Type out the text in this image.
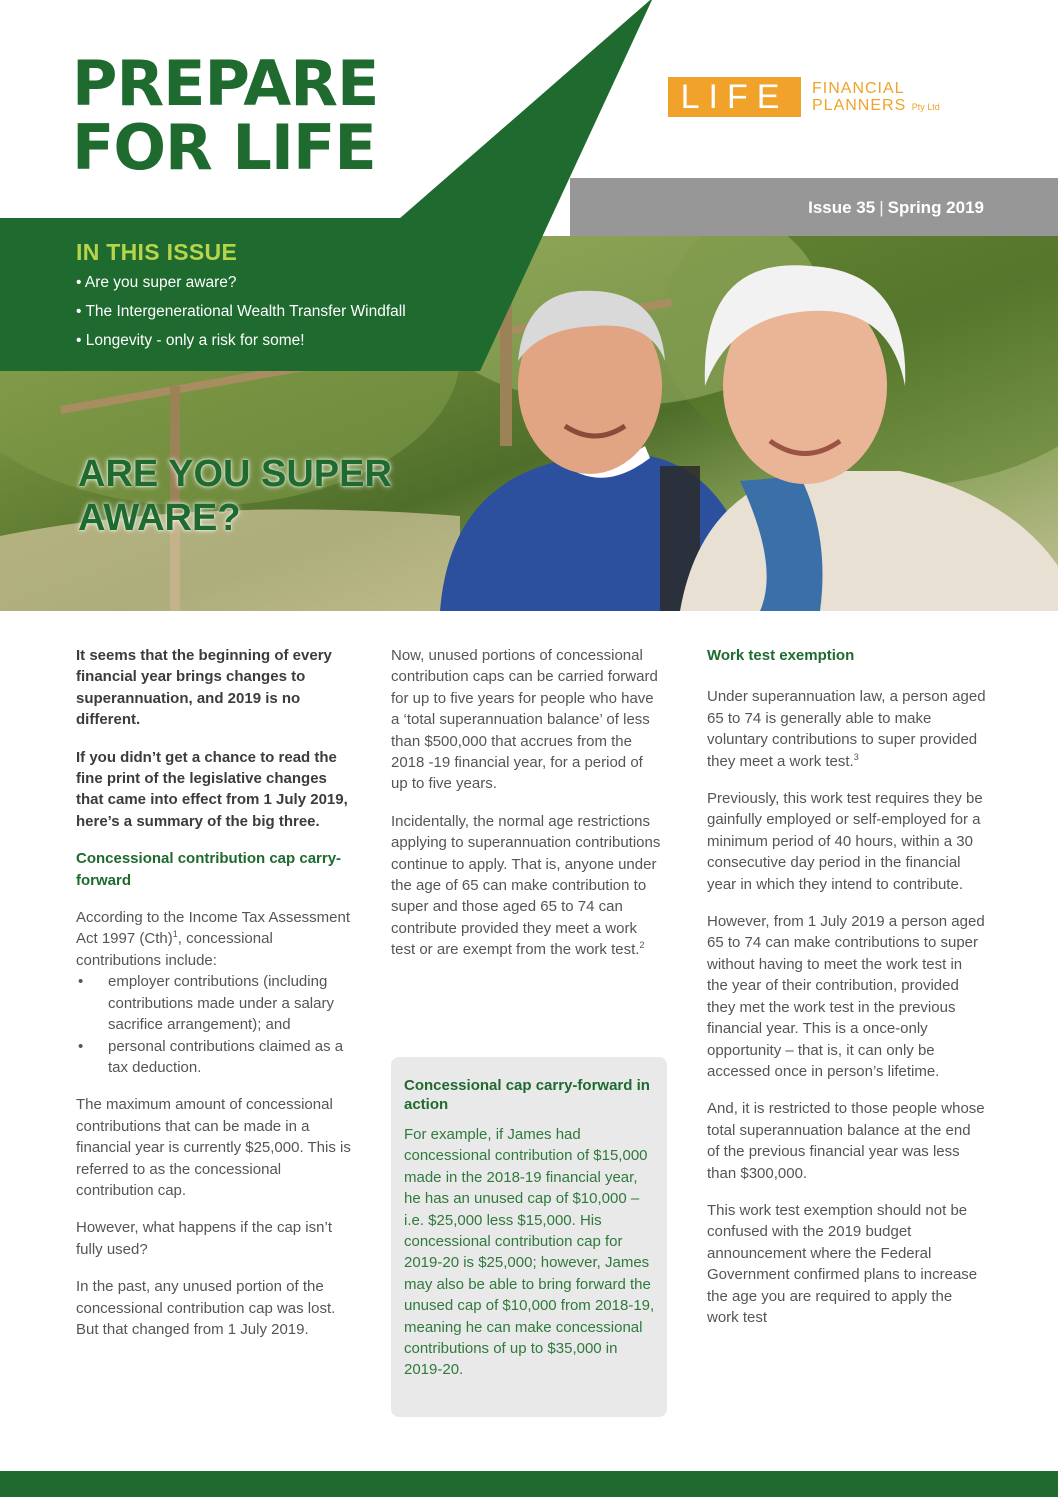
PREPARE
FOR LIFE
LIFE	FINANCIAL
PLANNERS Pty Ltd
Issue 35 | Spring 2019
IN THIS ISSUE
• Are you super aware?
• The Intergenerational Wealth Transfer Windfall
• Longevity - only a risk for some!
ARE YOU SUPER AWARE?

It seems that the beginning of every financial year brings changes to superannuation, and 2019 is no different.

If you didn’t get a chance to read the fine print of the legislative changes that came into effect from 1 July 2019, here’s a summary of the big three.

Concessional contribution cap carry-forward

According to the Income Tax Assessment Act 1997 (Cth)$^1$, concessional contributions include:

• employer contributions (including contributions made under a salary sacrifice arrangement); and
• personal contributions claimed as a tax deduction.

The maximum amount of concessional contributions that can be made in a financial year is currently $25,000. This is referred to as the concessional contribution cap.

However, what happens if the cap isn’t fully used?

In the past, any unused portion of the concessional contribution cap was lost. But that changed from 1 July 2019.

Now, unused portions of concessional contribution caps can be carried forward for up to five years for people who have a ‘total superannuation balance’ of less than $500,000 that accrues from the 2018 -19 financial year, for a period of up to five years.

Incidentally, the normal age restrictions applying to superannuation contributions continue to apply. That is, anyone under the age of 65 can make contribution to super and those aged 65 to 74 can contribute provided they meet a work test or are exempt from the work test.$^2$

Concessional cap carry-forward in action

For example, if James had concessional contribution of $15,000 made in the 2018-19 financial year, he has an unused cap of $10,000 – i.e. $25,000 less $15,000. His concessional contribution cap for 2019-20 is $25,000; however, James may also be able to bring forward the unused cap of $10,000 from 2018-19, meaning he can make concessional contributions of up to $35,000 in 2019-20.

Work test exemption

Under superannuation law, a person aged 65 to 74 is generally able to make voluntary contributions to super provided they meet a work test.$^3$

Previously, this work test requires they be gainfully employed or self-employed for a minimum period of 40 hours, within a 30 consecutive day period in the financial year in which they intend to contribute.

However, from 1 July 2019 a person aged 65 to 74 can make contributions to super without having to meet the work test in the year of their contribution, provided they met the work test in the previous financial year. This is a once-only opportunity – that is, it can only be accessed once in person’s lifetime.

And, it is restricted to those people whose total superannuation balance at the end of the previous financial year was less than $300,000.

This work test exemption should not be confused with the 2019 budget announcement where the Federal Government confirmed plans to increase the age you are required to apply the work test
